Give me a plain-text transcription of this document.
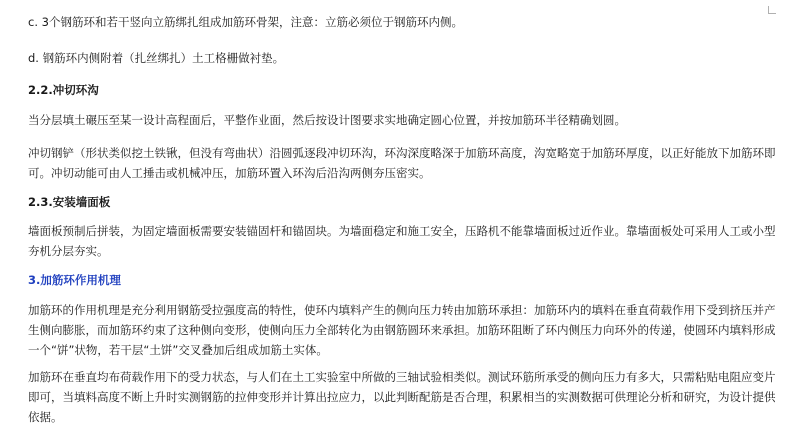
c. 3个钢筋环和若干竖向立筋绑扎组成加筋环骨架，注意：立筋必须位于钢筋环内侧。

d. 钢筋环内侧附着（扎丝绑扎）土工格栅做衬垫。

2.2.冲切环沟

当分层填土碾压至某一设计高程面后，平整作业面，然后按设计图要求实地确定圆心位置，并按加筋环半径精确划圆。

冲切钢铲（形状类似挖土铁锹，但没有弯曲状）沿圆弧逐段冲切环沟，环沟深度略深于加筋环高度，沟宽略宽于加筋环厚度，以正好能放下加筋环即可。冲切动能可由人工捶击或机械冲压，加筋环置入环沟后沿沟两侧夯压密实。

2.3.安装墙面板

墙面板预制后拼装，为固定墙面板需要安装锚固杆和锚固块。为墙面稳定和施工安全，压路机不能靠墙面板过近作业。靠墙面板处可采用人工或小型夯机分层夯实。

3.加筋环作用机理

加筋环的作用机理是充分利用钢筋受拉强度高的特性，使环内填料产生的侧向压力转由加筋环承担：加筋环内的填料在垂直荷载作用下受到挤压并产生侧向膨胀，而加筋环约束了这种侧向变形，使侧向压力全部转化为由钢筋圆环来承担。加筋环阻断了环内侧压力向环外的传递，使圆环内填料形成一个“饼”状物，若干层“土饼”交叉叠加后组成加筋土实体。

加筋环在垂直均布荷载作用下的受力状态，与人们在土工实验室中所做的三轴试验相类似。测试环筋所承受的侧向压力有多大，只需粘贴电阻应变片即可，当填料高度不断上升时实测钢筋的拉伸变形并计算出拉应力，以此判断配筋是否合理，积累相当的实测数据可供理论分析和研究，为设计提供依据。
